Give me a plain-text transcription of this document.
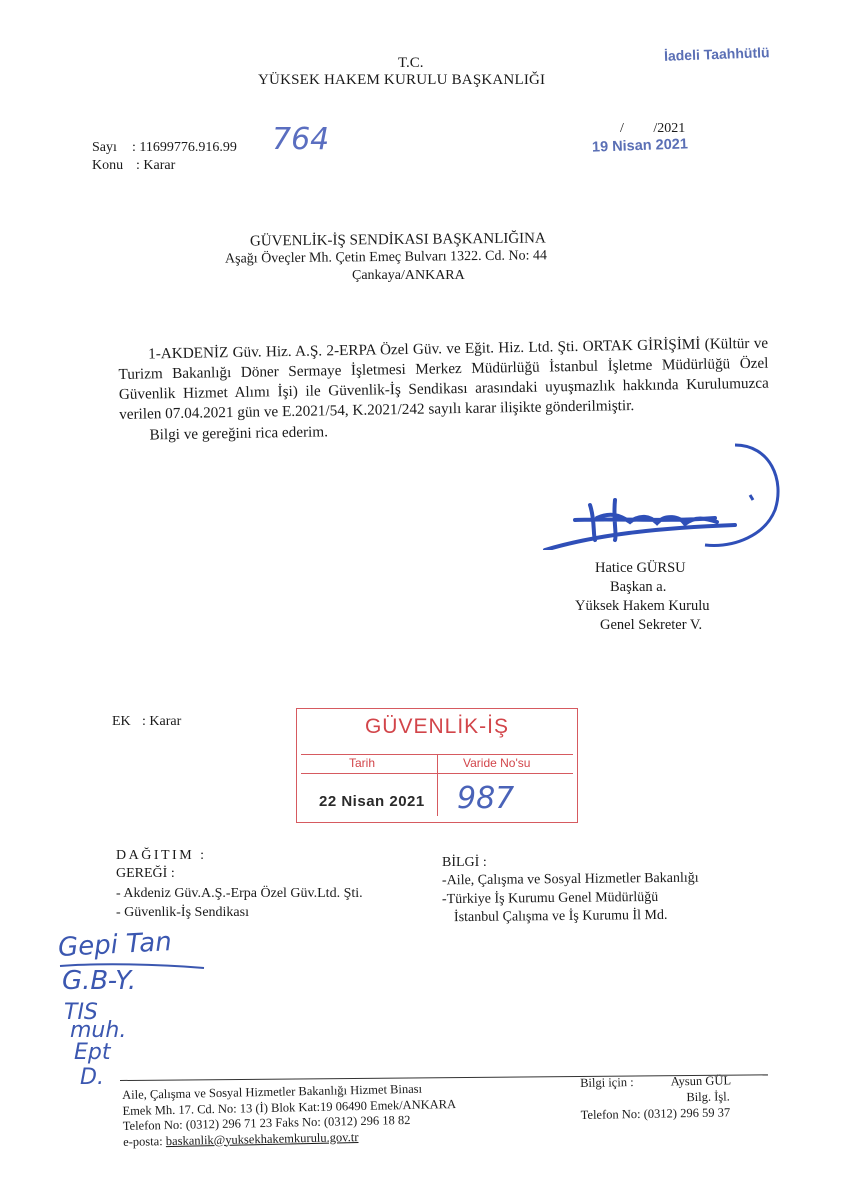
T.C.
YÜKSEK HAKEM KURULU BAŞKANLIĞI
İadeli Taahhütlü
Sayı : 11699776.916.99 764
Konu : Karar
/ /2021
19 Nisan 2021
GÜVENLİK-İŞ SENDİKASI BAŞKANLIĞINA
Aşağı Öveçler Mh. Çetin Emeç Bulvarı 1322. Cd. No: 44
Çankaya/ANKARA

1-AKDENİZ Güv. Hiz. A.Ş. 2-ERPA Özel Güv. ve Eğit. Hiz. Ltd. Şti. ORTAK GİRİŞİMİ (Kültür ve Turizm Bakanlığı Döner Sermaye İşletmesi Merkez Müdürlüğü İstanbul İşletme Müdürlüğü Özel Güvenlik Hizmet Alımı İşi) ile Güvenlik-İş Sendikası arasındaki uyuşmazlık hakkında Kurulumuzca verilen 07.04.2021 gün ve E.2021/54, K.2021/242 sayılı karar ilişikte gönderilmiştir.

Bilgi ve gereğini rica ederim.

Hatice GÜRSU
Başkan a.
Yüksek Hakem Kurulu
Genel Sekreter V.
EK : Karar	GÜVENLİK-İŞ
Tarih	Varide No'su
22 Nisan 2021 987
DAĞITIM :
GEREĞİ :
- Akdeniz Güv.A.Ş.-Erpa Özel Güv.Ltd. Şti.
- Güvenlik-İş Sendikası
BİLGİ :
-Aile, Çalışma ve Sosyal Hizmetler Bakanlığı
-Türkiye İş Kurumu Genel Müdürlüğü
İstanbul Çalışma ve İş Kurumu İl Md.
Gepi Tan
G.B-Y.
TIS
muh.
Ept
D.
Aile, Çalışma ve Sosyal Hizmetler Bakanlığı Hizmet Binası
Emek Mh. 17. Cd. No: 13 (İ) Blok Kat:19 06490 Emek/ANKARA
Telefon No: (0312) 296 71 23 Faks No: (0312) 296 18 82
e-posta: baskanlik@yuksekhakemkurulu.gov.tr
Bilgi için :	Aysun GÜL
Bilg. İşl.
Telefon No: (0312) 296 59 37
